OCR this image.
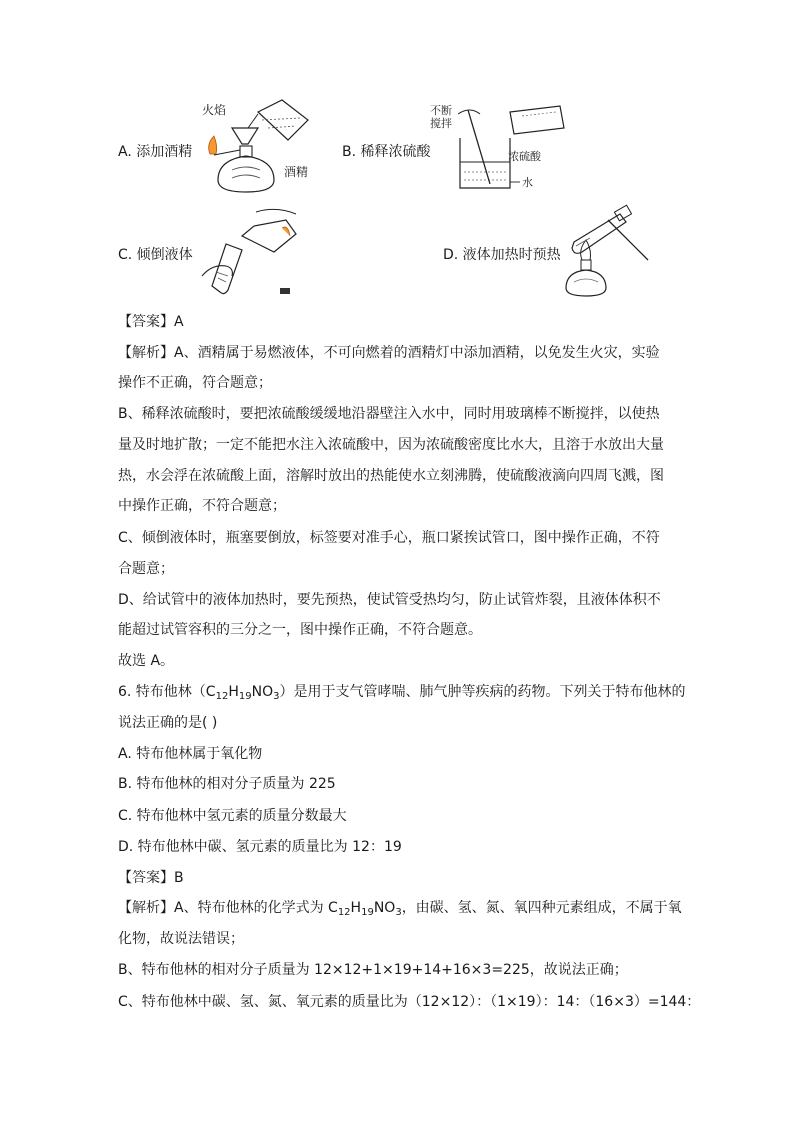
A. 添加酒精
火焰
酒精
B. 稀释浓硫酸
不断
搅拌
浓硫酸
水
C. 倾倒液体	D. 液体加热时预热
【答案】A
【解析】A、酒精属于易燃液体，不可向燃着的酒精灯中添加酒精，以免发生火灾，实验
操作不正确，符合题意；
B、稀释浓硫酸时，要把浓硫酸缓缓地沿器壁注入水中，同时用玻璃棒不断搅拌，以使热
量及时地扩散；一定不能把水注入浓硫酸中，因为浓硫酸密度比水大，且溶于水放出大量
热，水会浮在浓硫酸上面，溶解时放出的热能使水立刻沸腾，使硫酸液滴向四周飞溅，图
中操作正确，不符合题意；
C、倾倒液体时，瓶塞要倒放，标签要对准手心，瓶口紧挨试管口，图中操作正确，不符
合题意；
D、给试管中的液体加热时，要先预热，使试管受热均匀，防止试管炸裂，且液体体积不
能超过试管容积的三分之一，图中操作正确，不符合题意。
故选 A。
6. 特布他林$(C_{12}H_{19}NO_3)$是用于支气管哮喘、肺气肿等疾病的药物。下列关于特布他林的
说法正确的是( )
A. 特布他林属于氧化物
B. 特布他林的相对分子质量为 225
C. 特布他林中氢元素的质量分数最大
D. 特布他林中碳、氢元素的质量比为 12：19
【答案】B
【解析】A、特布他林的化学式为 $C_{12}H_{19}NO_3$，由碳、氢、氮、氧四种元素组成，不属于氧
化物，故说法错误；
B、特布他林的相对分子质量为 12×12+1×19+14+16×3=225，故说法正确；
C、特布他林中碳、氢、氮、氧元素的质量比为（12×12）：（1×19）：14：（16×3）=144：
